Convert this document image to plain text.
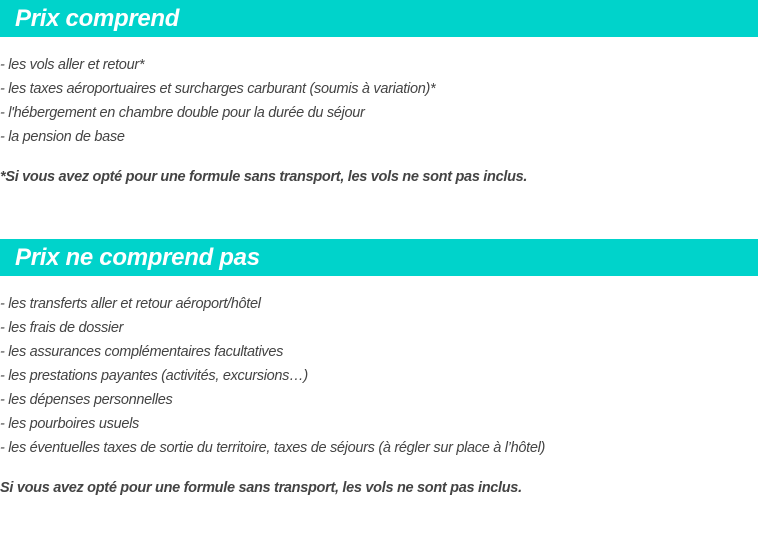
Prix comprend
- les vols aller et retour*
- les taxes aéroportuaires et surcharges carburant (soumis à variation)*
- l'hébergement en chambre double pour la durée du séjour
- la pension de base

*Si vous avez opté pour une formule sans transport, les vols ne sont pas inclus.

Prix ne comprend pas
- les transferts aller et retour aéroport/hôtel
- les frais de dossier
- les assurances complémentaires facultatives
- les prestations payantes (activités, excursions…)
- les dépenses personnelles
- les pourboires usuels
- les éventuelles taxes de sortie du territoire, taxes de séjours (à régler sur place à l’hôtel)

Si vous avez opté pour une formule sans transport, les vols ne sont pas inclus.
